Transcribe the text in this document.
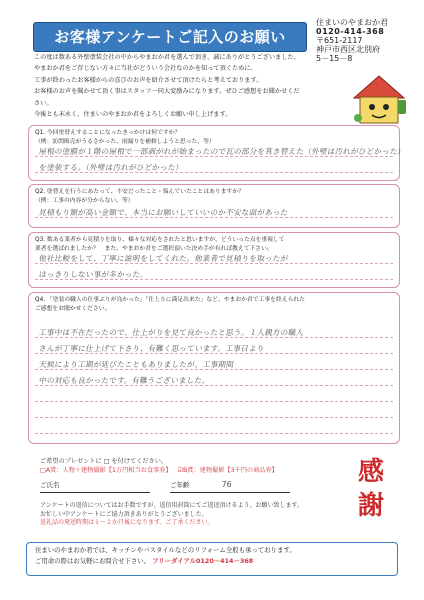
お客様アンケートご記入のお願い
住まいのやまおか君
0120-414-368
〒651-2117
神戸市西区北別府
5－15－8
この度は数ある外壁塗装会社の中からやまおか君を選んで頂き、誠にありがとうございました。
やまおか君をご存じない方々に当社がどういう会社なのかを知って頂くために、
工事が終わったお客様からの喜びのお声を紹介させて頂けたらと考えております。
お客様のお声を聞かせて頂く事はスタッフ一同大変励みになります。ぜひご感想をお聞かせください。
今後とも末永く、住まいのやまおか君をよろしくお願い申し上げます。
Q1. 今回塗替えすることになったきっかけは何ですか？
（例：訪問販売がうるさかった、雨漏りを補修しようと思った、等）
屋根の塗膜が１階の屋根で一部剥がれが始まったので瓦の部分を葺き替えた（外壁は汚れがひどかった）
を塗装する。（外壁は汚れがひどかった）
Q2. 塗替えを行うにあたって、不安だったこと・悩んでいたことはありますか？
（例：工事の内容が分からない、等）
見積もり額が高い金額で、本当にお願いしていいのか不安な面があった
Q3. 数ある業者から見積りを取り、様々な対応をされたと思いますが、どういった点を重視して
業者を選ばれましたか？　また、やまおか君をご選択頂いた決め手が有れば教えて下さい。
他社比較をして、丁寧に説明をしてくれた。他業者で見積りを取ったが
はっきりしない事が多かった。
Q4. 「塗装の職人の仕事ぶりが良かった」「仕上りに満足出来た」など、やまおか君で工事を終えられた
ご感想をお聞かせください。
工事中は不在だったので、仕上がりを見て良かったと思う。１人親方の職人
さんが丁寧に仕上げて下さり、有難く思っています。工事日より
天候により工期が延びたこともありましたが、工事期間
中の対応も良かったです。有難うございました。
ご希望のプレゼントに □ を付けてください。
□A賞：人物＋建物撮影【1万円相当お食事券】 ☑B賞：建物撮影【3千円の商品券】
ご氏名	ご年齢	76
アンケートの返信についてはお手数ですが、返信用封筒にてご返送頂けるよう、お願い致します。
お忙しい中アンケートにご協力頂きありがとうございました。
返礼品の発送時期は１～２か月後になります。ご了承ください。
感謝
住まいのやまおか君では、キッチンやバスタイルなどのリフォーム全般も承っております。
ご用命の際はお気軽にお問合せ下さい。 フリーダイアル0120－414－368
